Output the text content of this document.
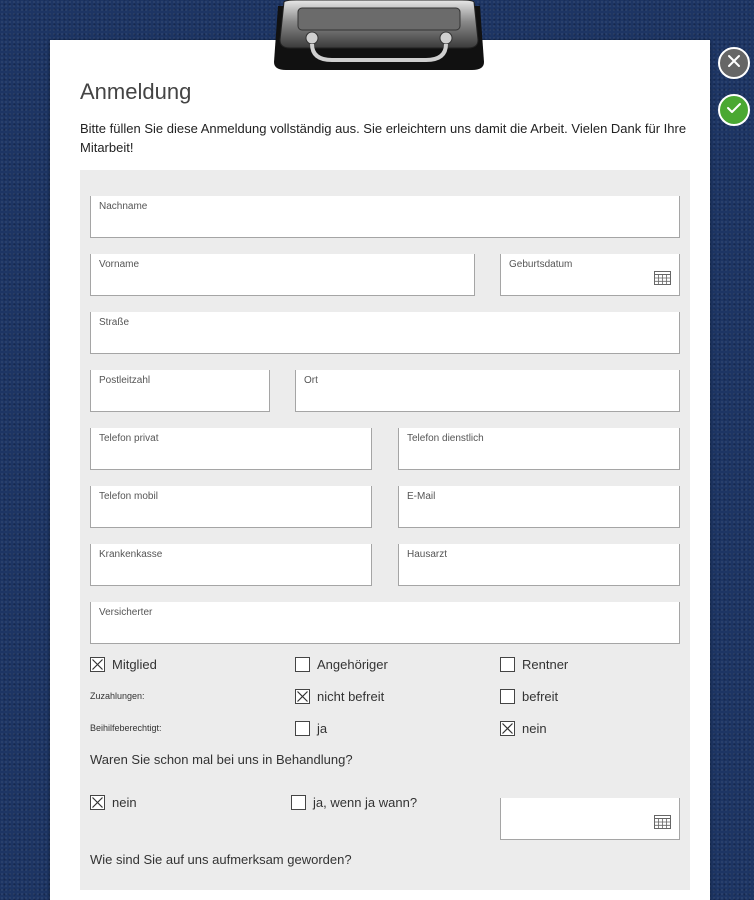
Anmeldung
Bitte füllen Sie diese Anmeldung vollständig aus. Sie erleichtern uns damit die Arbeit. Vielen Dank für Ihre Mitarbeit!
Nachname
Vorname	Geburtsdatum
Straße
Postleitzahl	Ort
Telefon privat	Telefon dienstlich
Telefon mobil	E-Mail
Krankenkasse	Hausarzt
Versicherter
Mitglied	Angehöriger	Rentner
Zuzahlungen:	nicht befreit	befreit
Beihilfeberechtigt:	ja	nein
Waren Sie schon mal bei uns in Behandlung?
nein	ja, wenn ja wann?
Wie sind Sie auf uns aufmerksam geworden?
